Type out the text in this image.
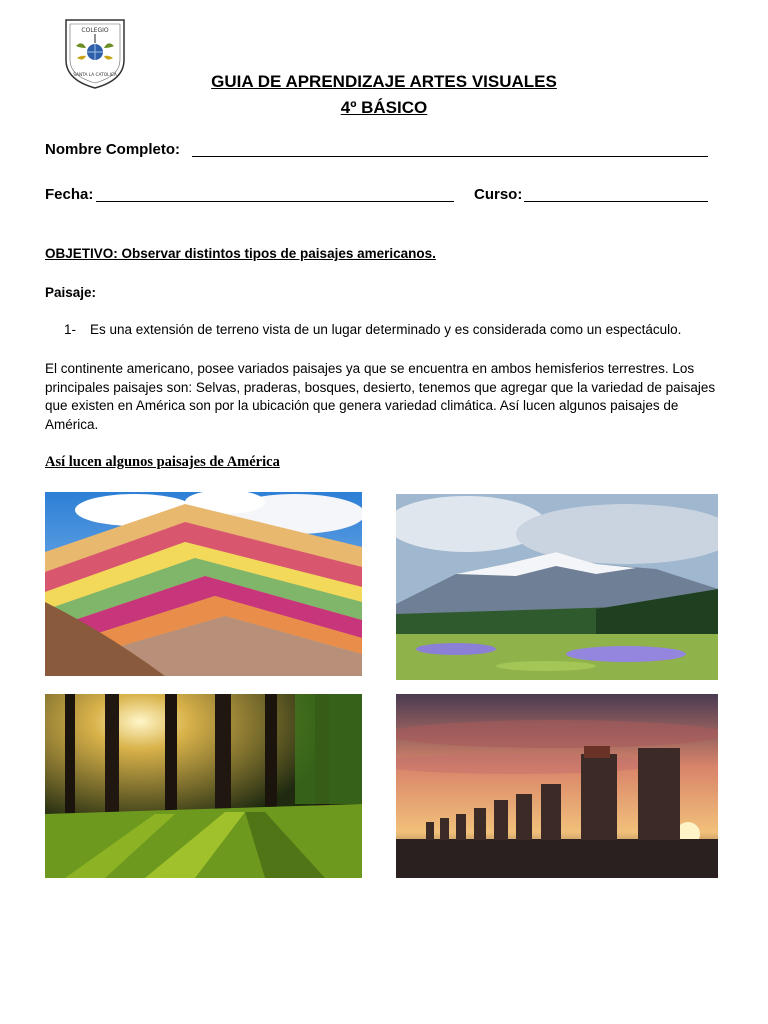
COLEGIO
SANTA LA CATOLICA	GUIA DE APRENDIZAJE ARTES VISUALES
4º BÁSICO
Nombre Completo:
Fecha:	Curso:
OBJETIVO: Observar distintos tipos de paisajes americanos.
Paisaje:
1- Es una extensión de terreno vista de un lugar determinado y es considerada como un espectáculo.
El continente americano, posee variados paisajes ya que se encuentra en ambos hemisferios terrestres. Los principales paisajes son: Selvas, praderas, bosques, desierto, tenemos que agregar que la variedad de paisajes que existen en América son por la ubicación que genera variedad climática. Así lucen algunos paisajes de América.
Así lucen algunos paisajes de América
